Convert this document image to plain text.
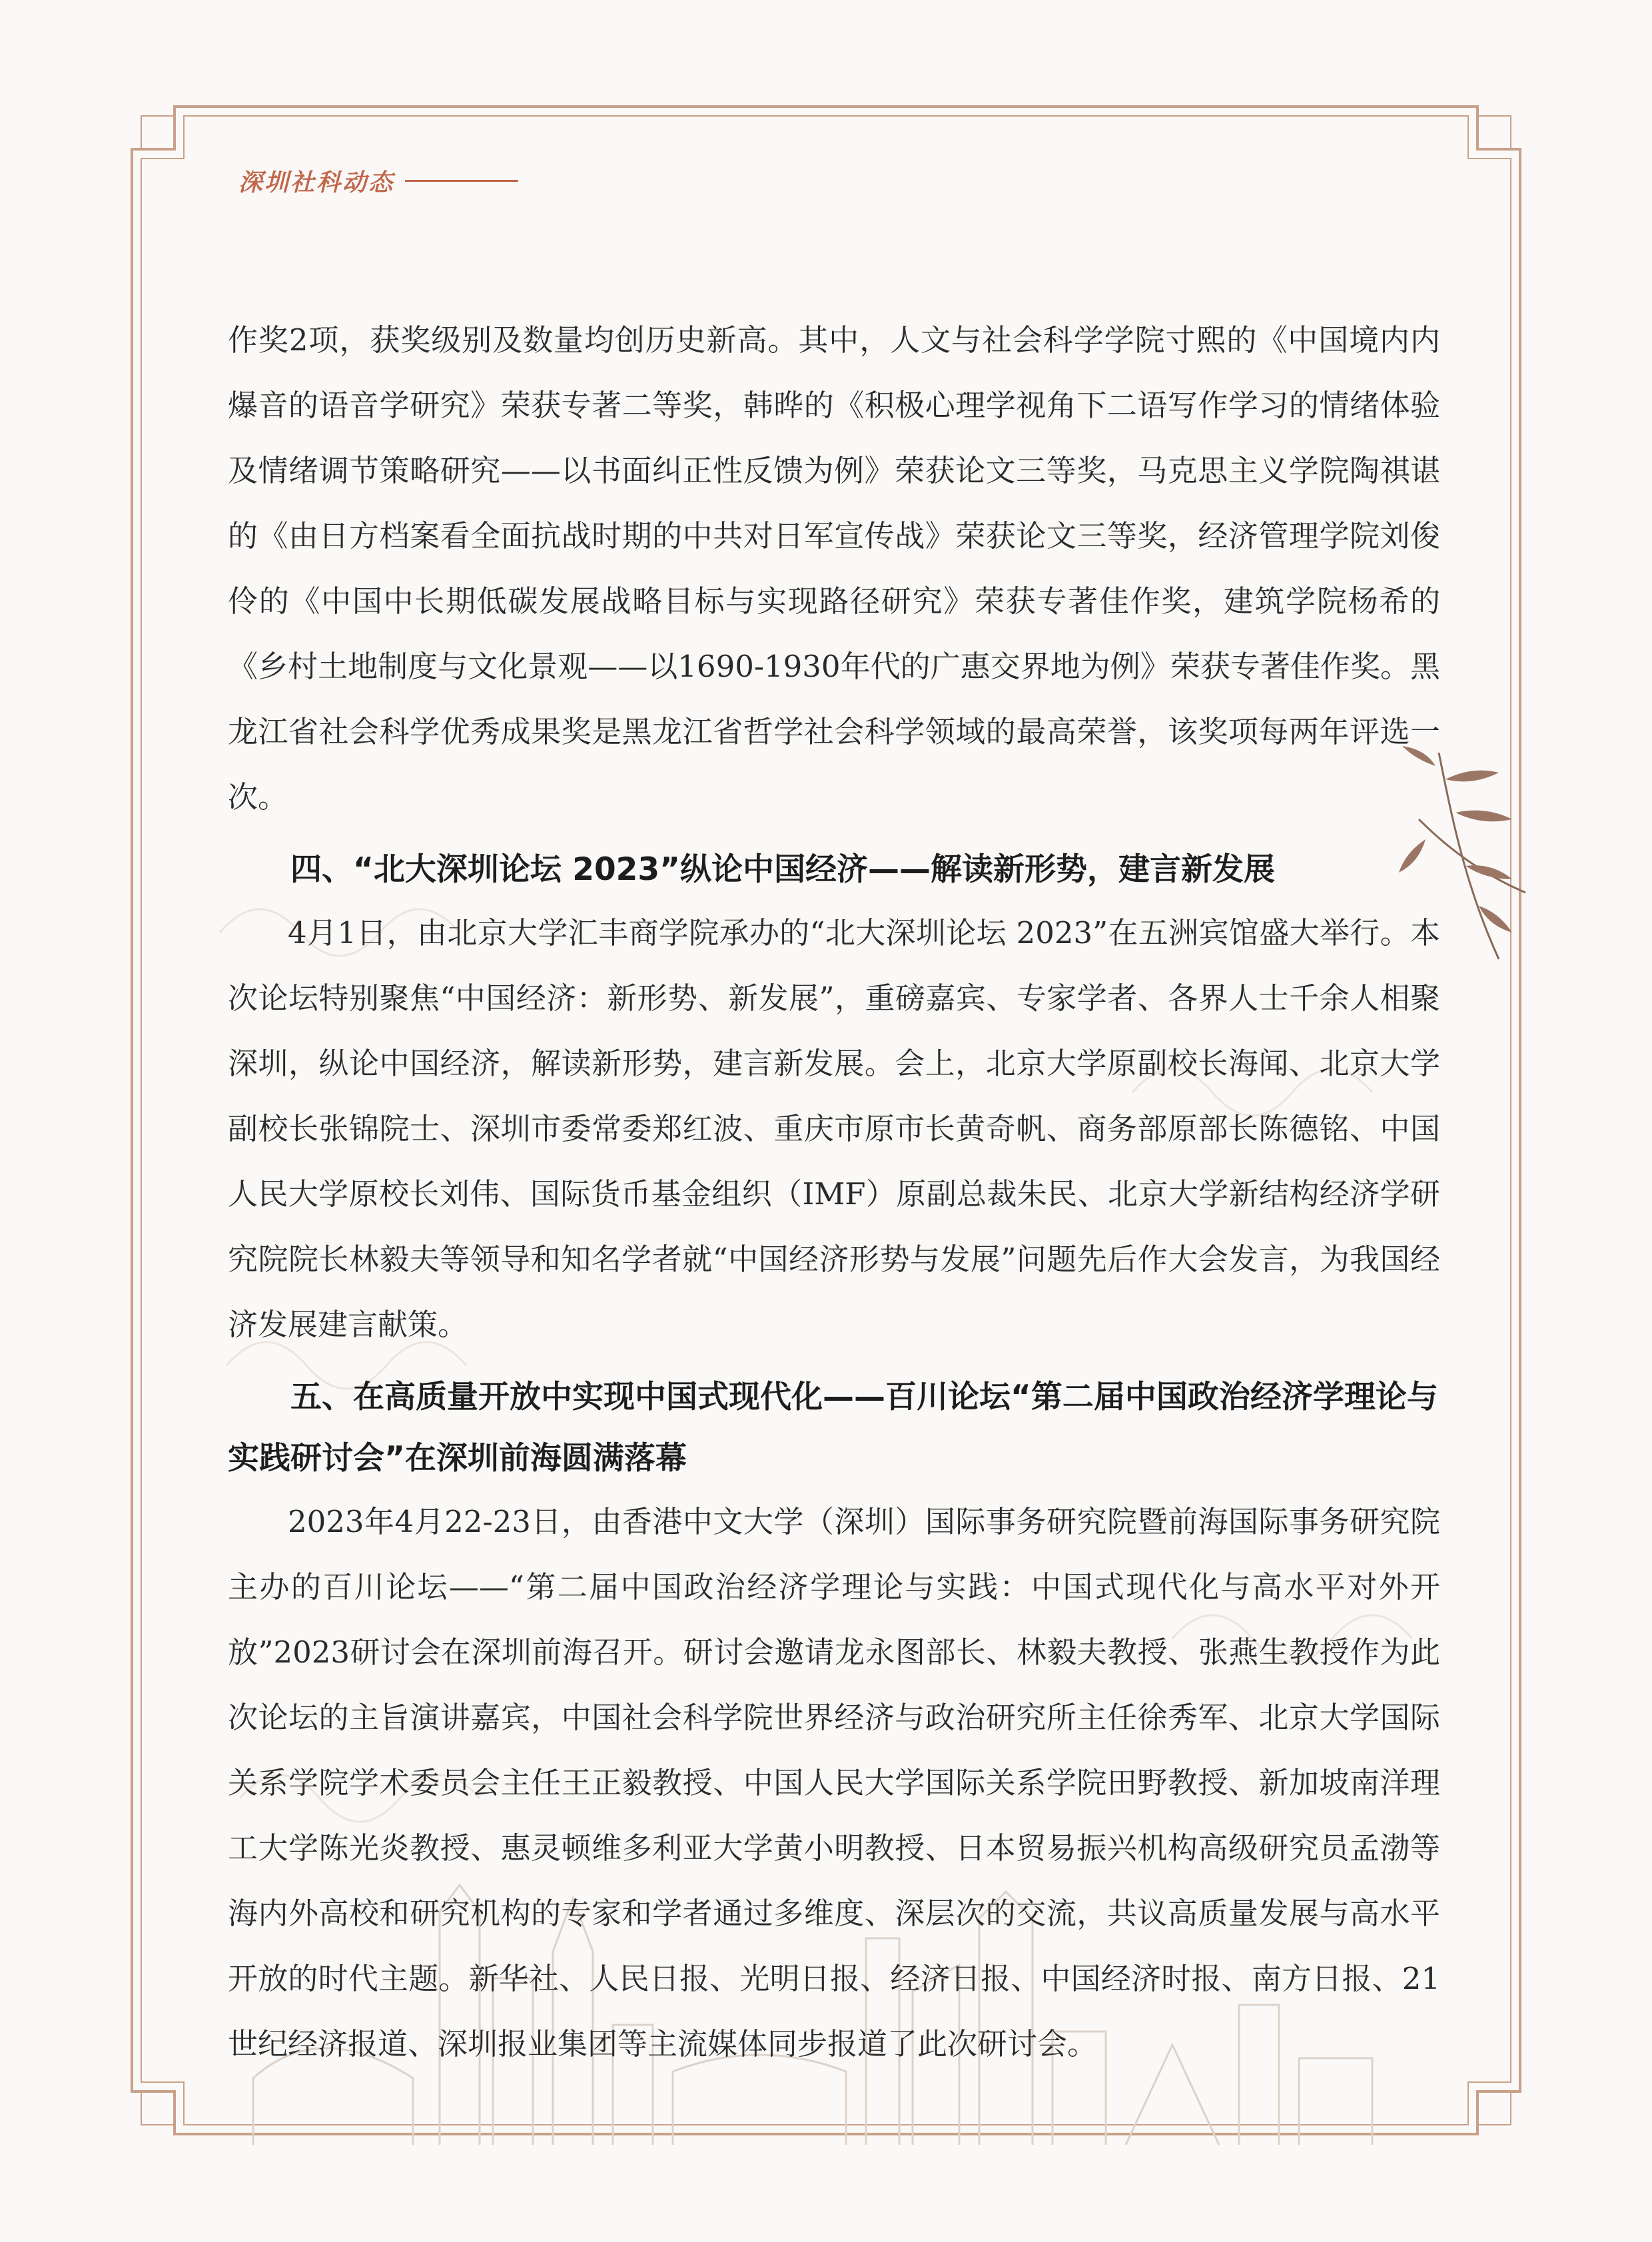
深圳社科动态

作奖2项，获奖级别及数量均创历史新高。其中，人文与社会科学学院寸熙的《中国境内内爆音的语音学研究》荣获专著二等奖，韩晔的《积极心理学视角下二语写作学习的情绪体验及情绪调节策略研究——以书面纠正性反馈为例》荣获论文三等奖，马克思主义学院陶祺谌的《由日方档案看全面抗战时期的中共对日军宣传战》荣获论文三等奖，经济管理学院刘俊伶的《中国中长期低碳发展战略目标与实现路径研究》荣获专著佳作奖，建筑学院杨希的《乡村土地制度与文化景观——以1690-1930年代的广惠交界地为例》荣获专著佳作奖。黑龙江省社会科学优秀成果奖是黑龙江省哲学社会科学领域的最高荣誉，该奖项每两年评选一次。

四、“北大深圳论坛 2023”纵论中国经济——解读新形势，建言新发展

4月1日，由北京大学汇丰商学院承办的“北大深圳论坛 2023”在五洲宾馆盛大举行。本次论坛特别聚焦“中国经济：新形势、新发展”，重磅嘉宾、专家学者、各界人士千余人相聚深圳，纵论中国经济，解读新形势，建言新发展。会上，北京大学原副校长海闻、北京大学副校长张锦院士、深圳市委常委郑红波、重庆市原市长黄奇帆、商务部原部长陈德铭、中国人民大学原校长刘伟、国际货币基金组织（IMF）原副总裁朱民、北京大学新结构经济学研究院院长林毅夫等领导和知名学者就“中国经济形势与发展”问题先后作大会发言，为我国经济发展建言献策。

五、在高质量开放中实现中国式现代化——百川论坛“第二届中国政治经济学理论与实践研讨会”在深圳前海圆满落幕

2023年4月22-23日，由香港中文大学（深圳）国际事务研究院暨前海国际事务研究院主办的百川论坛——“第二届中国政治经济学理论与实践：中国式现代化与高水平对外开放”2023研讨会在深圳前海召开。研讨会邀请龙永图部长、林毅夫教授、张燕生教授作为此次论坛的主旨演讲嘉宾，中国社会科学院世界经济与政治研究所主任徐秀军、北京大学国际关系学院学术委员会主任王正毅教授、中国人民大学国际关系学院田野教授、新加坡南洋理工大学陈光炎教授、惠灵顿维多利亚大学黄小明教授、日本贸易振兴机构高级研究员孟渤等海内外高校和研究机构的专家和学者通过多维度、深层次的交流，共议高质量发展与高水平开放的时代主题。新华社、人民日报、光明日报、经济日报、中国经济时报、南方日报、21世纪经济报道、深圳报业集团等主流媒体同步报道了此次研讨会。
